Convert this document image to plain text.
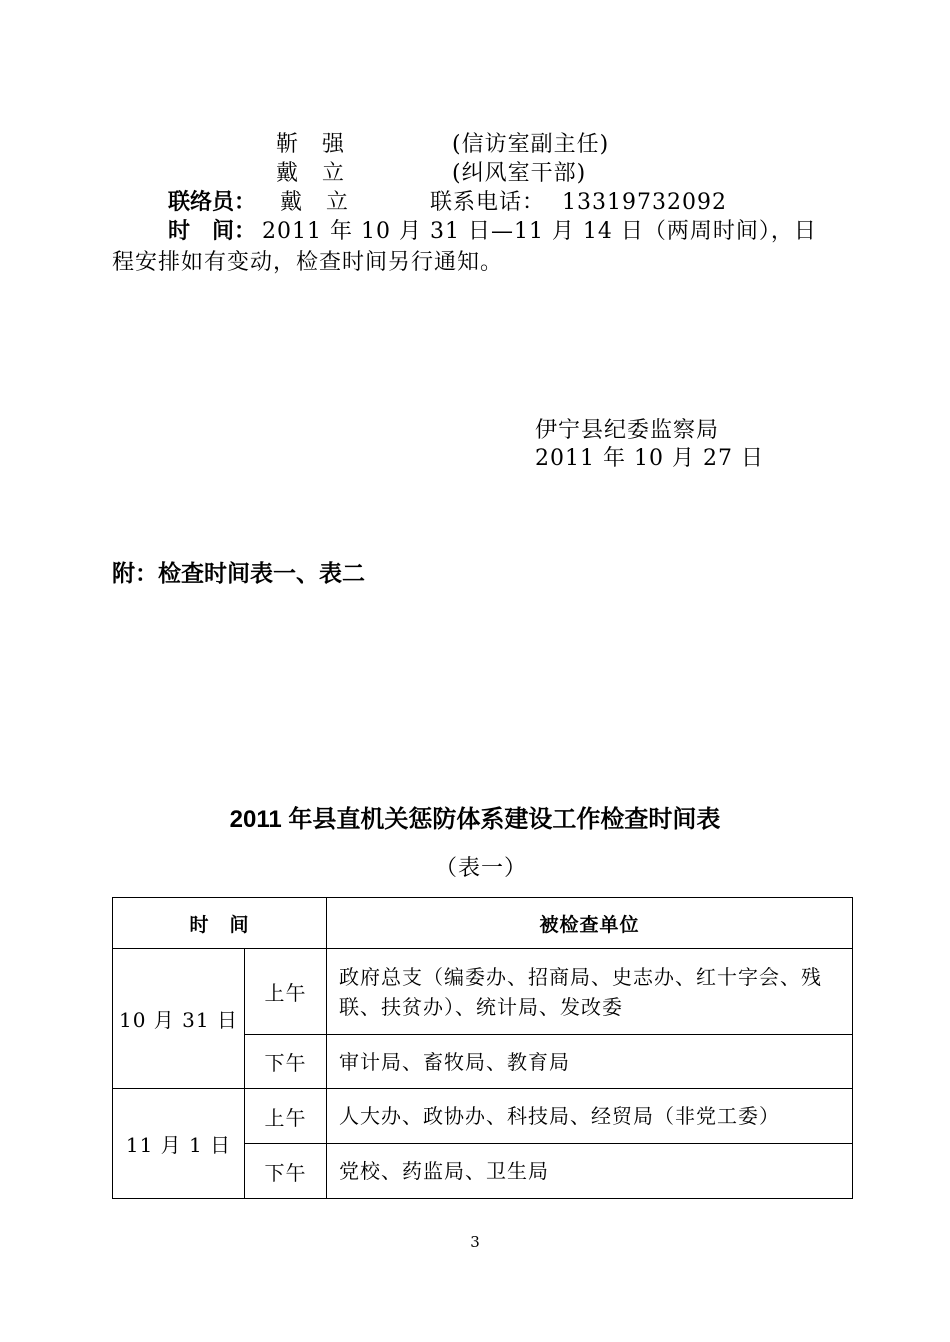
靳　强	(信访室副主任)
戴　立	(纠风室干部)
联络员： 戴　立	联系电话： 13319732092
时　间： 2011 年 10 月 31 日—11 月 14 日（两周时间），日
程安排如有变动，检查时间另行通知。
伊宁县纪委监察局
2011 年 10 月 27 日
附：检查时间表一、表二
2011 年县直机关惩防体系建设工作检查时间表
（表一）
时　间		被检查单位
10 月 31 日	上午	政府总支（编委办、招商局、史志办、红十字会、残联、扶贫办）、统计局、发改委
	下午	审计局、畜牧局、教育局
11 月 1 日	上午	人大办、政协办、科技局、经贸局（非党工委）
	下午	党校、药监局、卫生局
3
